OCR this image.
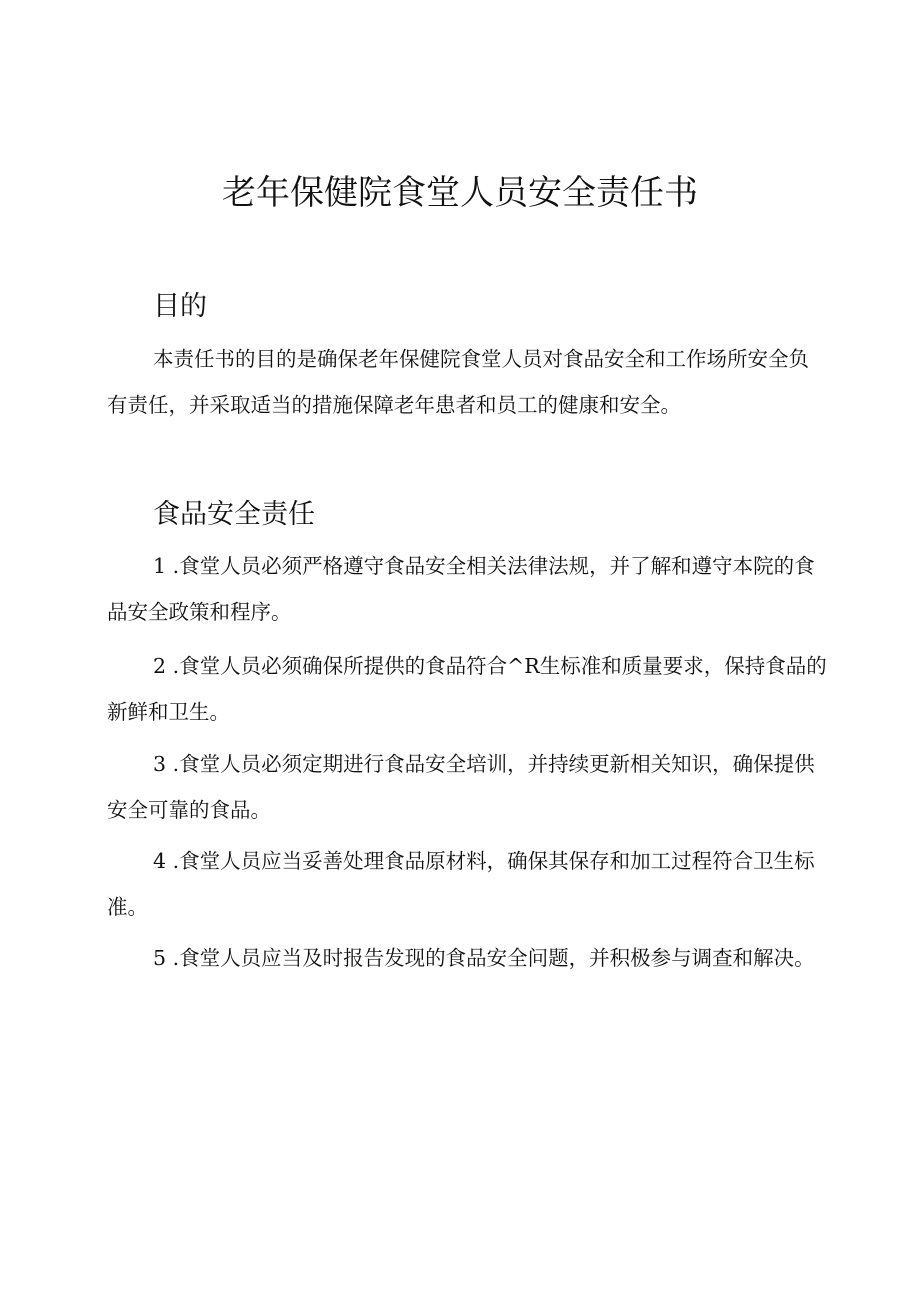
老年保健院食堂人员安全责任书
目的

本责任书的目的是确保老年保健院食堂人员对食品安全和工作场所安全负有责任，并采取适当的措施保障老年患者和员工的健康和安全。

食品安全责任

1 .食堂人员必须严格遵守食品安全相关法律法规，并了解和遵守本院的食品安全政策和程序。

2 .食堂人员必须确保所提供的食品符合^R生标准和质量要求，保持食品的新鲜和卫生。

3 .食堂人员必须定期进行食品安全培训，并持续更新相关知识，确保提供安全可靠的食品。

4 .食堂人员应当妥善处理食品原材料，确保其保存和加工过程符合卫生标准。

5 .食堂人员应当及时报告发现的食品安全问题，并积极参与调查和解决。
